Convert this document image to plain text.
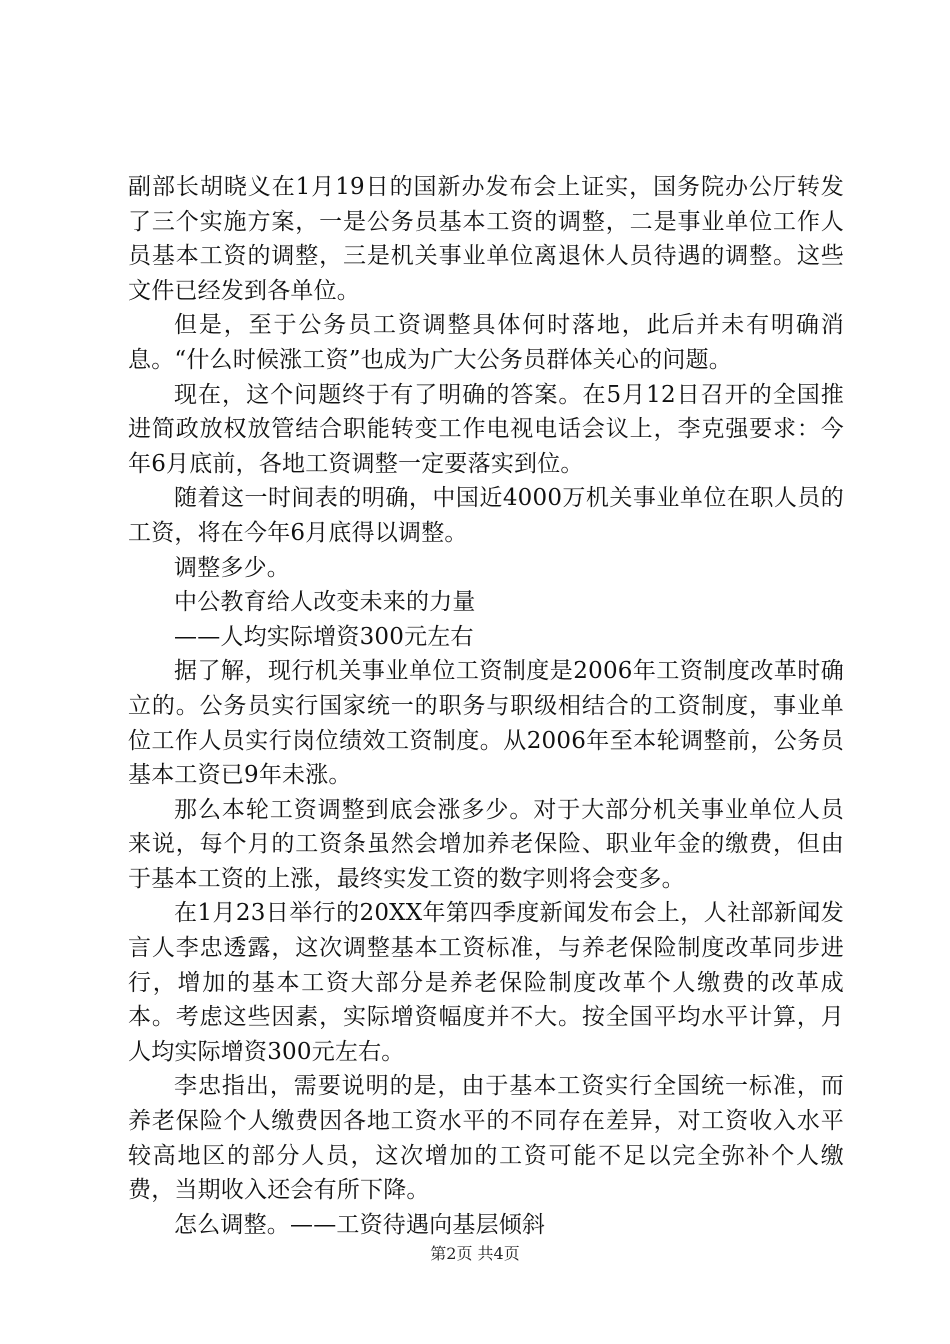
副部长胡晓义在1月19日的国新办发布会上证实，国务院办公厅转发了三个实施方案，一是公务员基本工资的调整，二是事业单位工作人员基本工资的调整，三是机关事业单位离退休人员待遇的调整。这些文件已经发到各单位。

但是，至于公务员工资调整具体何时落地，此后并未有明确消息。“什么时候涨工资”也成为广大公务员群体关心的问题。

现在，这个问题终于有了明确的答案。在5月12日召开的全国推进简政放权放管结合职能转变工作电视电话会议上，李克强要求：今年6月底前，各地工资调整一定要落实到位。

随着这一时间表的明确，中国近4000万机关事业单位在职人员的工资，将在今年6月底得以调整。

调整多少。

中公教育给人改变未来的力量

——人均实际增资300元左右

据了解，现行机关事业单位工资制度是2006年工资制度改革时确立的。公务员实行国家统一的职务与职级相结合的工资制度，事业单位工作人员实行岗位绩效工资制度。从2006年至本轮调整前，公务员基本工资已9年未涨。

那么本轮工资调整到底会涨多少。对于大部分机关事业单位人员来说，每个月的工资条虽然会增加养老保险、职业年金的缴费，但由于基本工资的上涨，最终实发工资的数字则将会变多。

在1月23日举行的20XX年第四季度新闻发布会上，人社部新闻发言人李忠透露，这次调整基本工资标准，与养老保险制度改革同步进行，增加的基本工资大部分是养老保险制度改革个人缴费的改革成本。考虑这些因素，实际增资幅度并不大。按全国平均水平计算，月人均实际增资300元左右。

李忠指出，需要说明的是，由于基本工资实行全国统一标准，而养老保险个人缴费因各地工资水平的不同存在差异，对工资收入水平较高地区的部分人员，这次增加的工资可能不足以完全弥补个人缴费，当期收入还会有所下降。

怎么调整。——工资待遇向基层倾斜

第2页 共4页
